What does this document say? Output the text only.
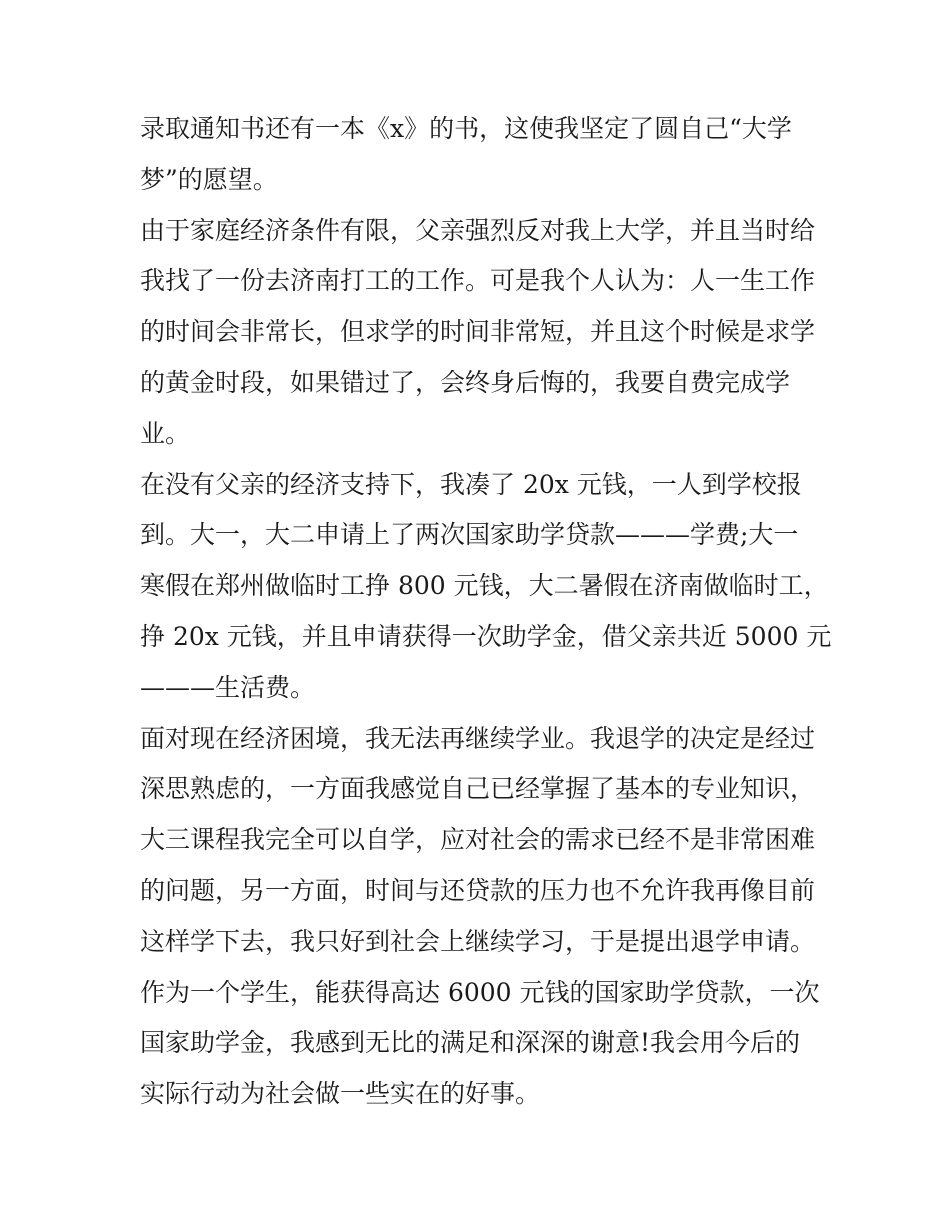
录取通知书还有一本《x》的书，这使我坚定了圆自己“大学
梦”的愿望。
由于家庭经济条件有限，父亲强烈反对我上大学，并且当时给
我找了一份去济南打工的工作。可是我个人认为：人一生工作
的时间会非常长，但求学的时间非常短，并且这个时候是求学
的黄金时段，如果错过了，会终身后悔的，我要自费完成学
业。
在没有父亲的经济支持下，我凑了 20x 元钱，一人到学校报
到。大一，大二申请上了两次国家助学贷款———学费;大一
寒假在郑州做临时工挣 800 元钱，大二暑假在济南做临时工，
挣 20x 元钱，并且申请获得一次助学金，借父亲共近 5000 元
———生活费。
面对现在经济困境，我无法再继续学业。我退学的决定是经过
深思熟虑的，一方面我感觉自己已经掌握了基本的专业知识，
大三课程我完全可以自学，应对社会的需求已经不是非常困难
的问题，另一方面，时间与还贷款的压力也不允许我再像目前
这样学下去，我只好到社会上继续学习，于是提出退学申请。
作为一个学生，能获得高达 6000 元钱的国家助学贷款，一次
国家助学金，我感到无比的满足和深深的谢意!我会用今后的
实际行动为社会做一些实在的好事。
